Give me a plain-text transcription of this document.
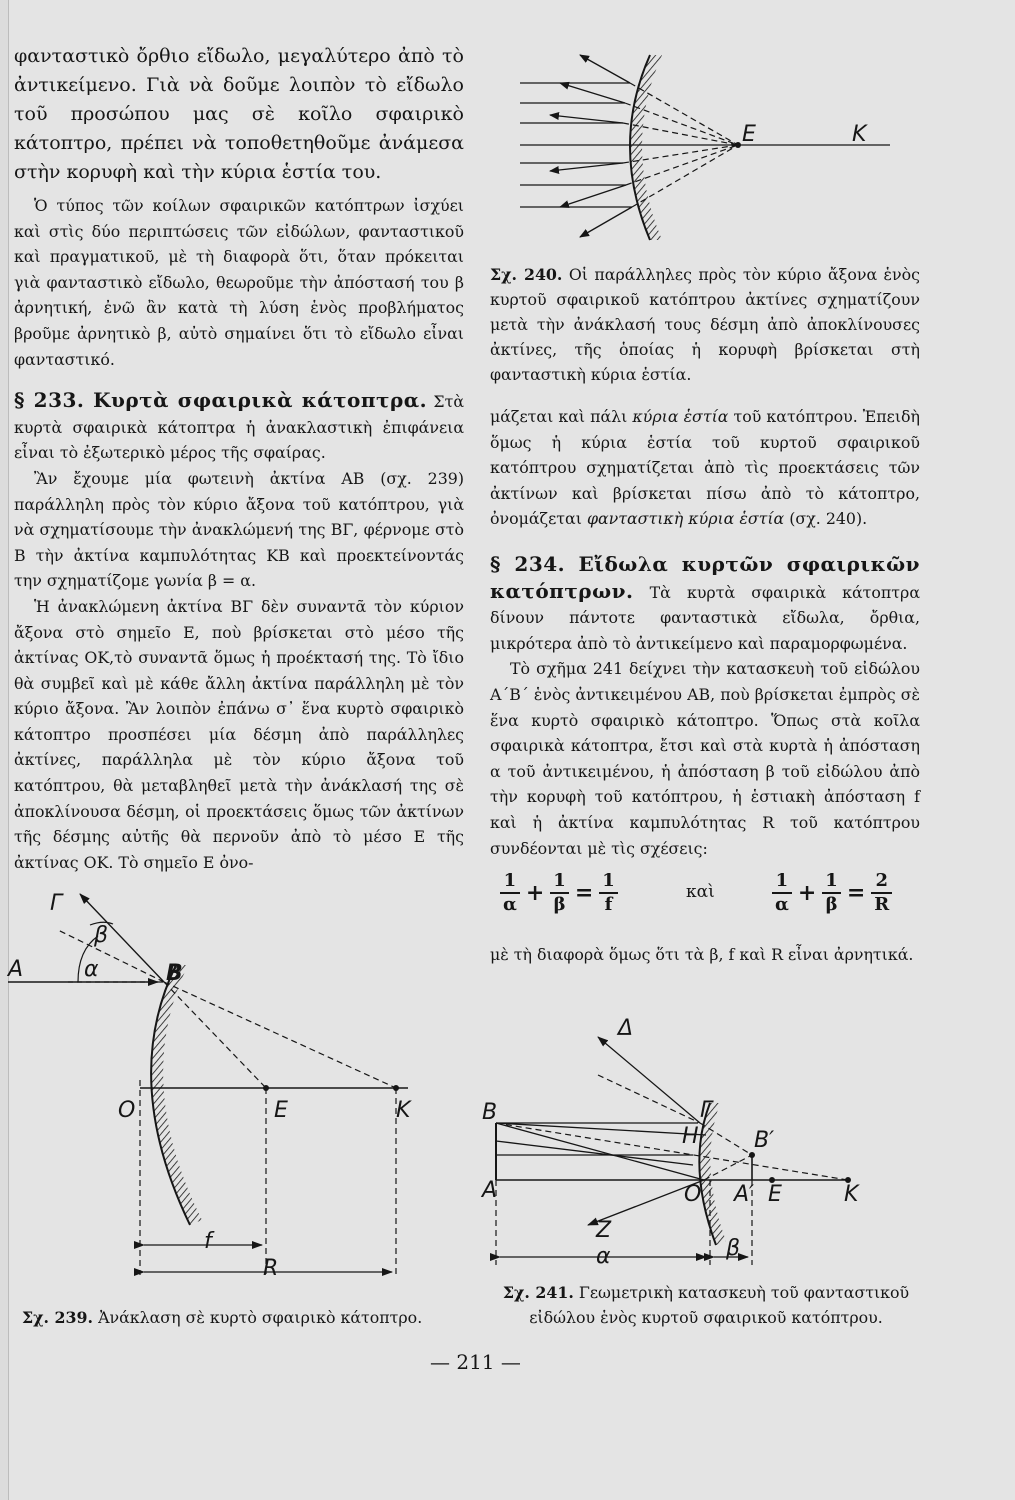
φανταστικὸ ὄρθιο εἴδωλο, μεγαλύτερο ἀπὸ τὸ ἀντικείμενο. Γιὰ νὰ δοῦμε λοιπὸν τὸ εἴδωλο τοῦ προσώπου μας σὲ κοῖλο σφαιρικὸ κάτοπτρο, πρέπει νὰ τοποθετηθοῦμε ἀνάμεσα στὴν κορυφὴ καὶ τὴν κύρια ἑστία του.

Ὁ τύπος τῶν κοίλων σφαιρικῶν κατόπτρων ἰσχύει καὶ στὶς δύο περιπτώσεις τῶν εἰδώλων, φανταστικοῦ καὶ πραγματικοῦ, μὲ τὴ διαφορὰ ὅτι, ὅταν πρόκειται γιὰ φανταστικὸ εἴδωλο, θεωροῦμε τὴν ἀπόστασή του β ἀρνητική, ἐνῶ ἂν κατὰ τὴ λύση ἑνὸς προβλήματος βροῦμε ἀρνητικὸ β, αὐτὸ σημαίνει ὅτι τὸ εἴδωλο εἶναι φανταστικό.

§ 233. Κυρτὰ σφαιρικὰ κάτοπτρα. Στὰ κυρτὰ σφαιρικὰ κάτοπτρα ἡ ἀνακλαστικὴ ἐπιφάνεια εἶναι τὸ ἐξωτερικὸ μέρος τῆς σφαίρας.

Ἂν ἔχουμε μία φωτεινὴ ἀκτίνα ΑΒ (σχ. 239) παράλληλη πρὸς τὸν κύριο ἄξονα τοῦ κατόπτρου, γιὰ νὰ σχηματίσουμε τὴν ἀνακλώμενή της ΒΓ, φέρνομε στὸ Β τὴν ἀκτίνα καμπυλότητας ΚΒ καὶ προεκτείνοντάς την σχηματίζομε γωνία β = α.

Ἡ ἀνακλώμενη ἀκτίνα ΒΓ δὲν συναντᾶ τὸν κύριον ἄξονα στὸ σημεῖο Ε, ποὺ βρίσκεται στὸ μέσο τῆς ἀκτίνας ΟΚ,τὸ συναντᾶ ὅμως ἡ προέκτασή της. Τὸ ἴδιο θὰ συμβεῖ καὶ μὲ κάθε ἄλλη ἀκτίνα παράλληλη μὲ τὸν κύριο ἄξονα. Ἂν λοιπὸν ἐπάνω σ᾽ ἕνα κυρτὸ σφαιρικὸ κάτοπτρο προσπέσει μία δέσμη ἀπὸ παράλληλες ἀκτίνες, παράλληλα μὲ τὸν κύριο ἄξονα τοῦ κατόπτρου, θὰ μεταβληθεῖ μετὰ τὴν ἀνάκλασή της σὲ ἀποκλίνουσα δέσμη, οἱ προεκτάσεις ὅμως τῶν ἀκτίνων τῆς δέσμης αὐτῆς θὰ περνοῦν ἀπὸ τὸ μέσο Ε τῆς ἀκτίνας ΟΚ. Τὸ σημεῖο Ε ὀνο-

μάζεται καὶ πάλι κύρια ἑστία τοῦ κατόπτρου. Ἐπειδὴ ὅμως ἡ κύρια ἑστία τοῦ κυρτοῦ σφαιρικοῦ κατόπτρου σχηματίζεται ἀπὸ τὶς προεκτάσεις τῶν ἀκτίνων καὶ βρίσκεται πίσω ἀπὸ τὸ κάτοπτρο, ὀνομάζεται φανταστικὴ κύρια ἑστία (σχ. 240).

§ 234. Εἴδωλα κυρτῶν σφαιρικῶν κατόπτρων. Τὰ κυρτὰ σφαιρικὰ κάτοπτρα δίνουν πάντοτε φανταστικὰ εἴδωλα, ὄρθια, μικρότερα ἀπὸ τὸ ἀντικείμενο καὶ παραμορφωμένα.

Τὸ σχῆμα 241 δείχνει τὴν κατασκευὴ τοῦ εἰδώλου Α΄Β΄ ἑνὸς ἀντικειμένου ΑΒ, ποὺ βρίσκεται ἐμπρὸς σὲ ἕνα κυρτὸ σφαιρικὸ κάτοπτρο. Ὅπως στὰ κοῖλα σφαιρικὰ κάτοπτρα, ἔτσι καὶ στὰ κυρτὰ ἡ ἀπόσταση α τοῦ ἀντικειμένου, ἡ ἀπόσταση β τοῦ εἰδώλου ἀπὸ τὴν κορυφὴ τοῦ κατόπτρου, ἡ ἑστιακὴ ἀπόσταση f καὶ ἡ ἀκτίνα καμπυλότητας R τοῦ κατόπτρου συνδέονται μὲ τὶς σχέσεις:

$\frac{1}{\alpha} + \frac{1}{\beta} = \frac{1}{f}$	καὶ	$\frac{1}{\alpha} + \frac{1}{\beta} = \frac{2}{R}$

μὲ τὴ διαφορὰ ὅμως ὅτι τὰ β, f καὶ R εἶναι ἀρνητικά.

E	K
A	B
Γ
α
β
O	E	K
f
R
Δ
Γ
B
H	B′
A	O A′ E	K
Z
α	β
Σχ. 239. Ἀνάκλαση σὲ κυρτὸ σφαιρικὸ κάτοπτρο.
Σχ. 240. Οἱ παράλληλες πρὸς τὸν κύριο ἄξονα ἑνὸς κυρτοῦ σφαιρικοῦ κατόπτρου ἀκτίνες σχηματίζουν μετὰ τὴν ἀνάκλασή τους δέσμη ἀπὸ ἀποκλίνουσες ἀκτίνες, τῆς ὁποίας ἡ κορυφὴ βρίσκεται στὴ φανταστικὴ κύρια ἑστία.
Σχ. 241. Γεωμετρικὴ κατασκευὴ τοῦ φανταστικοῦ εἰδώλου ἑνὸς κυρτοῦ σφαιρικοῦ κατόπτρου.
— 211 —
